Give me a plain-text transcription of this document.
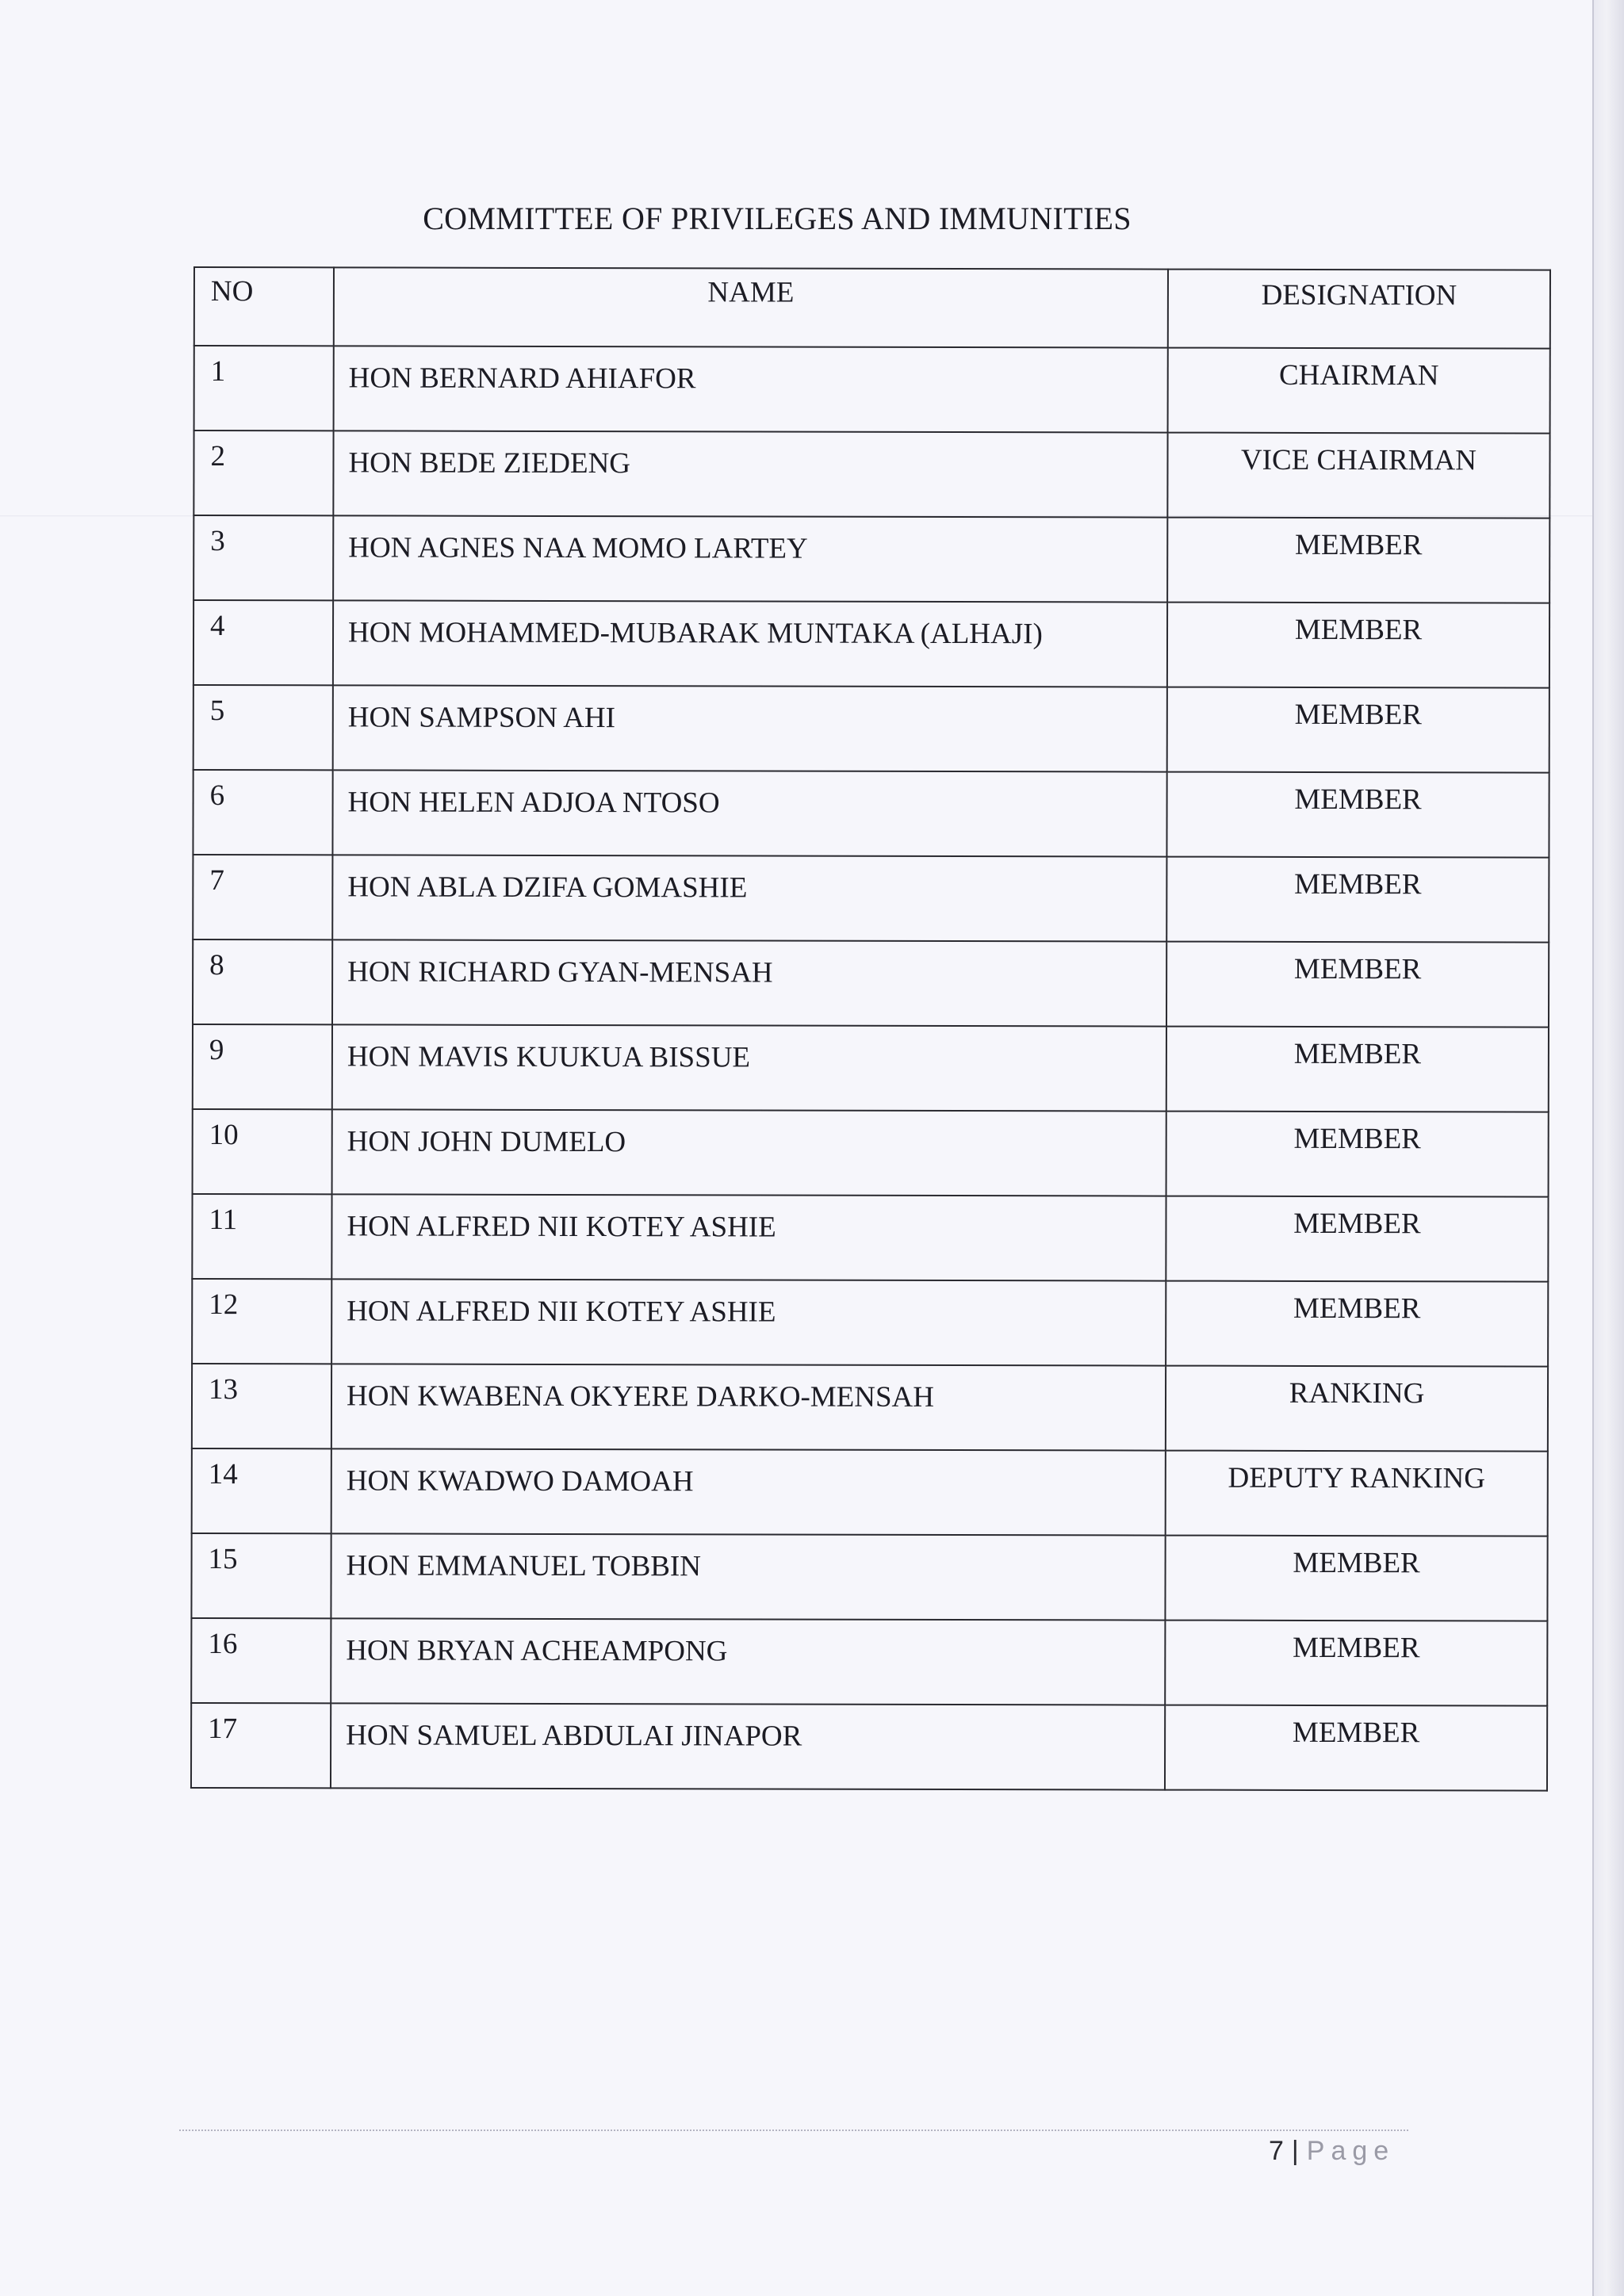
COMMITTEE OF PRIVILEGES AND IMMUNITIES
NO	NAME	DESIGNATION
1	HON BERNARD AHIAFOR	CHAIRMAN
2	HON BEDE ZIEDENG	VICE CHAIRMAN
3	HON AGNES NAA MOMO LARTEY	MEMBER
4	HON MOHAMMED-MUBARAK MUNTAKA (ALHAJI)	MEMBER
5	HON SAMPSON AHI	MEMBER
6	HON HELEN ADJOA NTOSO	MEMBER
7	HON ABLA DZIFA GOMASHIE	MEMBER
8	HON RICHARD GYAN-MENSAH	MEMBER
9	HON MAVIS KUUKUA BISSUE	MEMBER
10	HON JOHN DUMELO	MEMBER
11	HON ALFRED NII KOTEY ASHIE	MEMBER
12	HON ALFRED NII KOTEY ASHIE	MEMBER
13	HON KWABENA OKYERE DARKO-MENSAH	RANKING
14	HON KWADWO DAMOAH	DEPUTY RANKING
15	HON EMMANUEL TOBBIN	MEMBER
16	HON BRYAN ACHEAMPONG	MEMBER
17	HON SAMUEL ABDULAI JINAPOR	MEMBER
7 | Page
